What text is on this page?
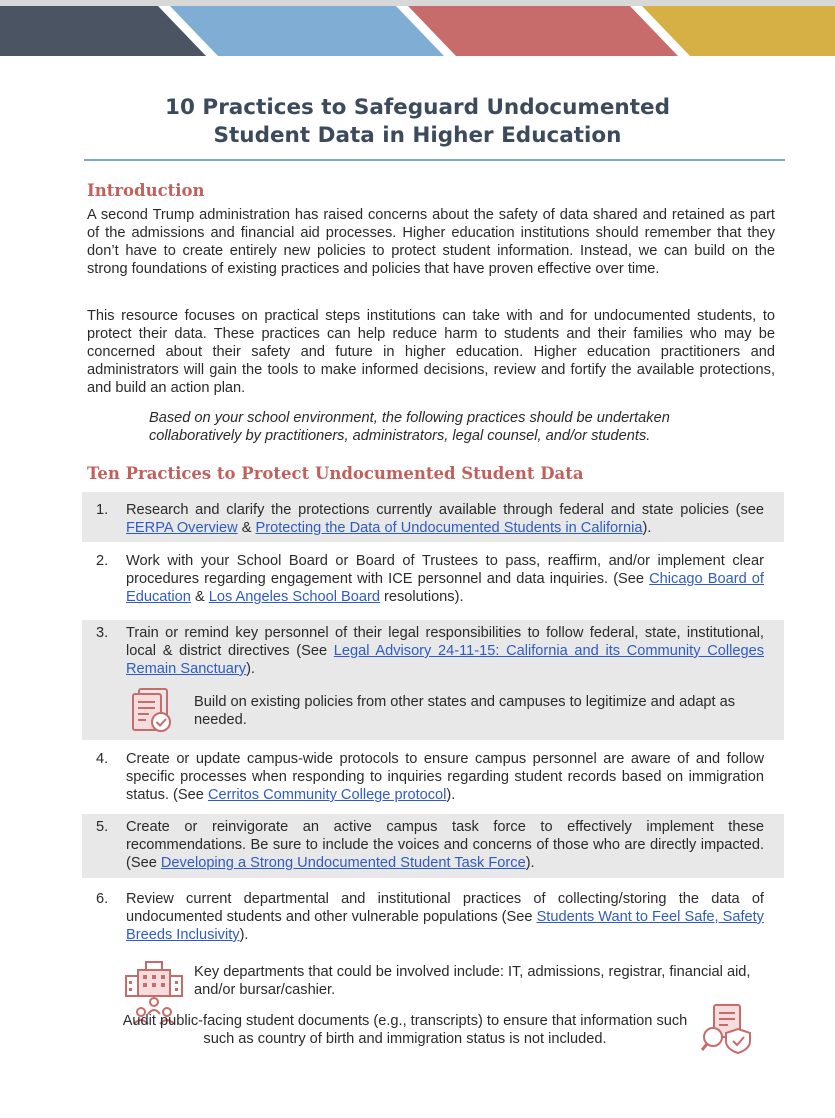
10 Practices to Safeguard Undocumented
Student Data in Higher Education
Introduction

A second Trump administration has raised concerns about the safety of data shared and retained as part of the admissions and financial aid processes. Higher education institutions should remember that they don’t have to create entirely new policies to protect student information. Instead, we can build on the strong foundations of existing practices and policies that have proven effective over time.

This resource focuses on practical steps institutions can take with and for undocumented students, to protect their data. These practices can help reduce harm to students and their families who may be concerned about their safety and future in higher education. Higher education practitioners and administrators will gain the tools to make informed decisions, review and fortify the available protections, and build an action plan.

Based on your school environment, the following practices should be undertaken collaboratively by practitioners, administrators, legal counsel, and/or students.

Ten Practices to Protect Undocumented Student Data
1.	Research and clarify the protections currently available through federal and state policies (see FERPA Overview & Protecting the Data of Undocumented Students in California).
2.	Work with your School Board or Board of Trustees to pass, reaffirm, and/or implement clear procedures regarding engagement with ICE personnel and data inquiries. (See Chicago Board of Education & Los Angeles School Board resolutions).
3.	Train or remind key personnel of their legal responsibilities to follow federal, state, institutional, local & district directives (See Legal Advisory 24-11-15: California and its Community Colleges Remain Sanctuary).

Build on existing policies from other states and campuses to legitimize and adapt as needed.

4.	Create or update campus-wide protocols to ensure campus personnel are aware of and follow specific processes when responding to inquiries regarding student records based on immigration status. (See Cerritos Community College protocol).
5.	Create or reinvigorate an active campus task force to effectively implement these recommendations. Be sure to include the voices and concerns of those who are directly impacted. (See Developing a Strong Undocumented Student Task Force).
6.	Review current departmental and institutional practices of collecting/storing the data of undocumented students and other vulnerable populations (See Students Want to Feel Safe, Safety Breeds Inclusivity).

Key departments that could be involved include: IT, admissions, registrar, financial aid, and/or bursar/cashier.

Audit public-facing student documents (e.g., transcripts) to ensure that information such such as country of birth and immigration status is not included.
